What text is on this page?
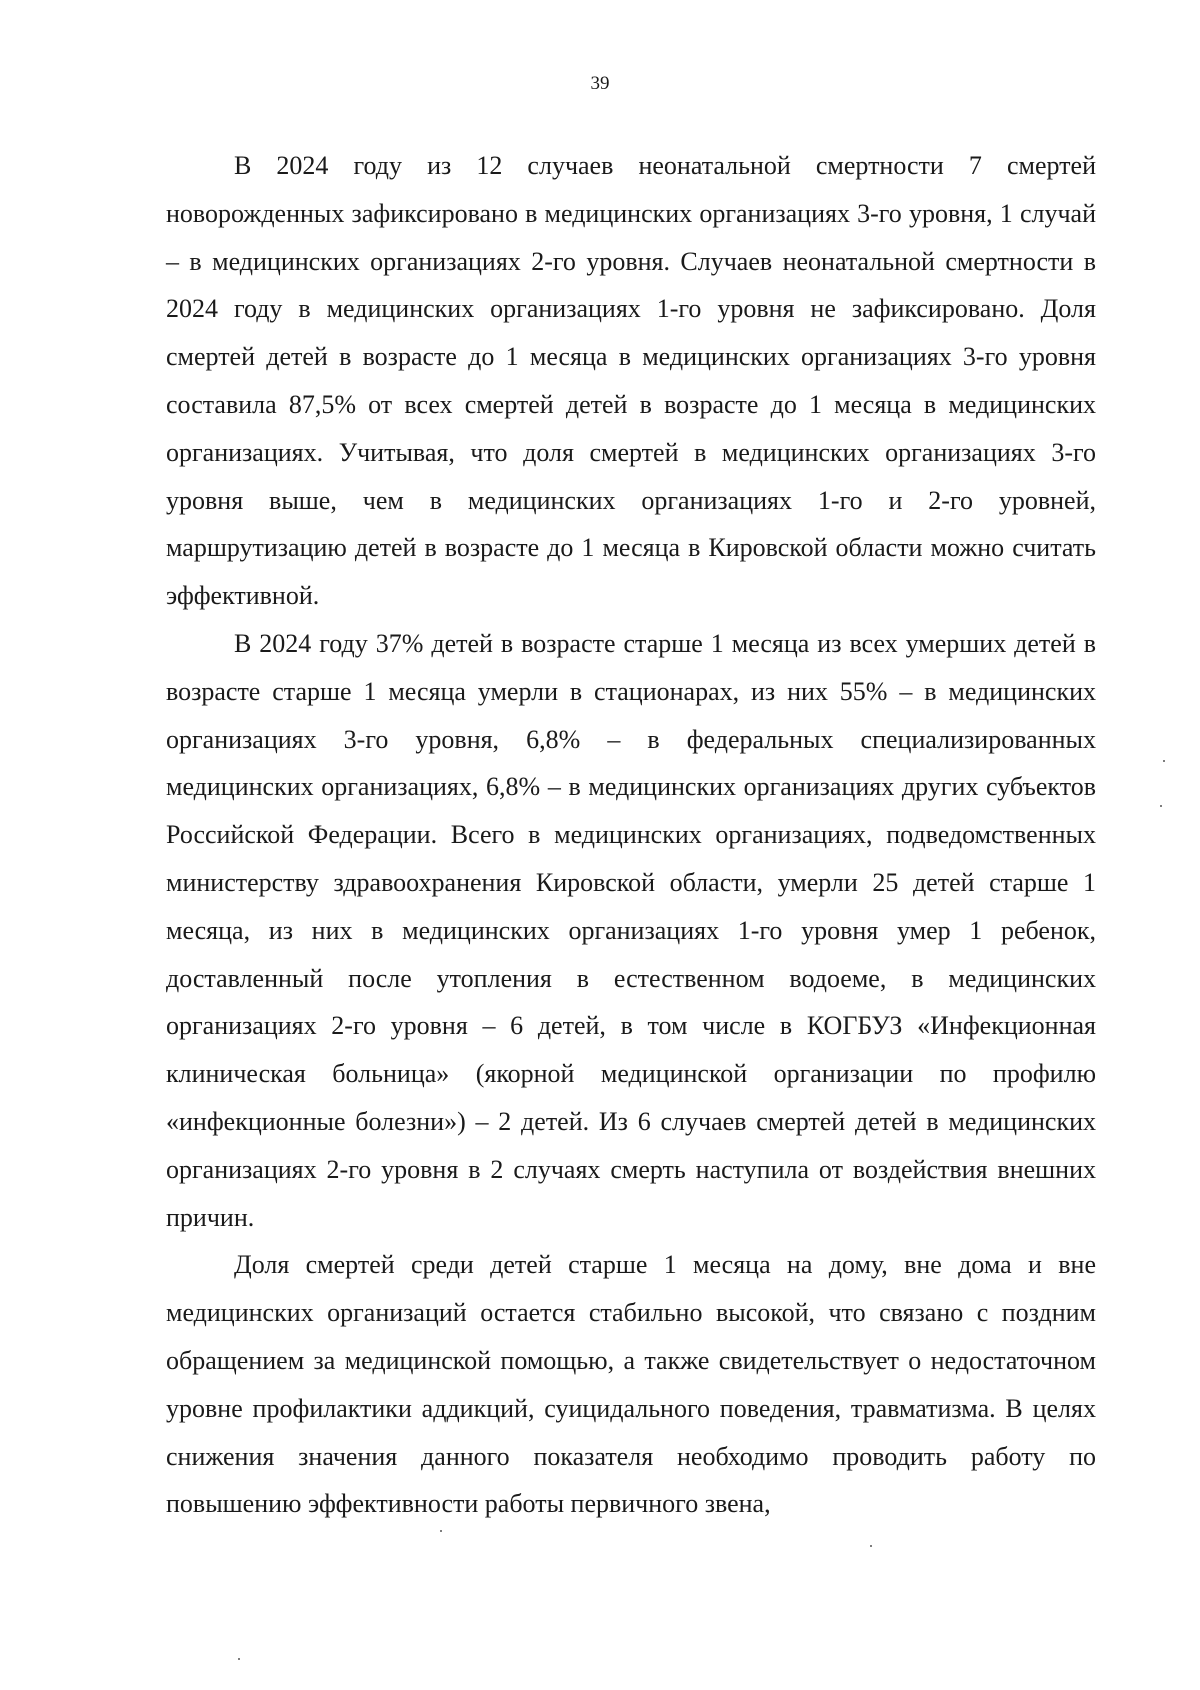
39

В 2024 году из 12 случаев неонатальной смертности 7 смертей новорожденных зафиксировано в медицинских организациях 3-го уровня, 1 случай – в медицинских организациях 2-го уровня. Случаев неонатальной смертности в 2024 году в медицинских организациях 1-го уровня не зафиксировано. Доля смертей детей в возрасте до 1 месяца в медицинских организациях 3-го уровня составила 87,5% от всех смертей детей в возрасте до 1 месяца в медицинских организациях. Учитывая, что доля смертей в медицинских организациях 3-го уровня выше, чем в медицинских организациях 1-го и 2-го уровней, маршрутизацию детей в возрасте до 1 месяца в Кировской области можно считать эффективной.

В 2024 году 37% детей в возрасте старше 1 месяца из всех умерших детей в возрасте старше 1 месяца умерли в стационарах, из них 55% – в медицинских организациях 3-го уровня, 6,8% – в федеральных специализированных медицинских организациях, 6,8% – в медицинских организациях других субъектов Российской Федерации. Всего в медицинских организациях, подведомственных министерству здравоохранения Кировской области, умерли 25 детей старше 1 месяца, из них в медицинских организациях 1-го уровня умер 1 ребенок, доставленный после утопления в естественном водоеме, в медицинских организациях 2-го уровня – 6 детей, в том числе в КОГБУЗ «Инфекционная клиническая больница» (якорной медицинской организации по профилю «инфекционные болезни») – 2 детей. Из 6 случаев смертей детей в медицинских организациях 2-го уровня в 2 случаях смерть наступила от воздействия внешних причин.

Доля смертей среди детей старше 1 месяца на дому, вне дома и вне медицинских организаций остается стабильно высокой, что связано с поздним обращением за медицинской помощью, а также свидетельствует о недостаточном уровне профилактики аддикций, суицидального поведения, травматизма. В целях снижения значения данного показателя необходимо проводить работу по повышению эффективности работы первичного звена,
